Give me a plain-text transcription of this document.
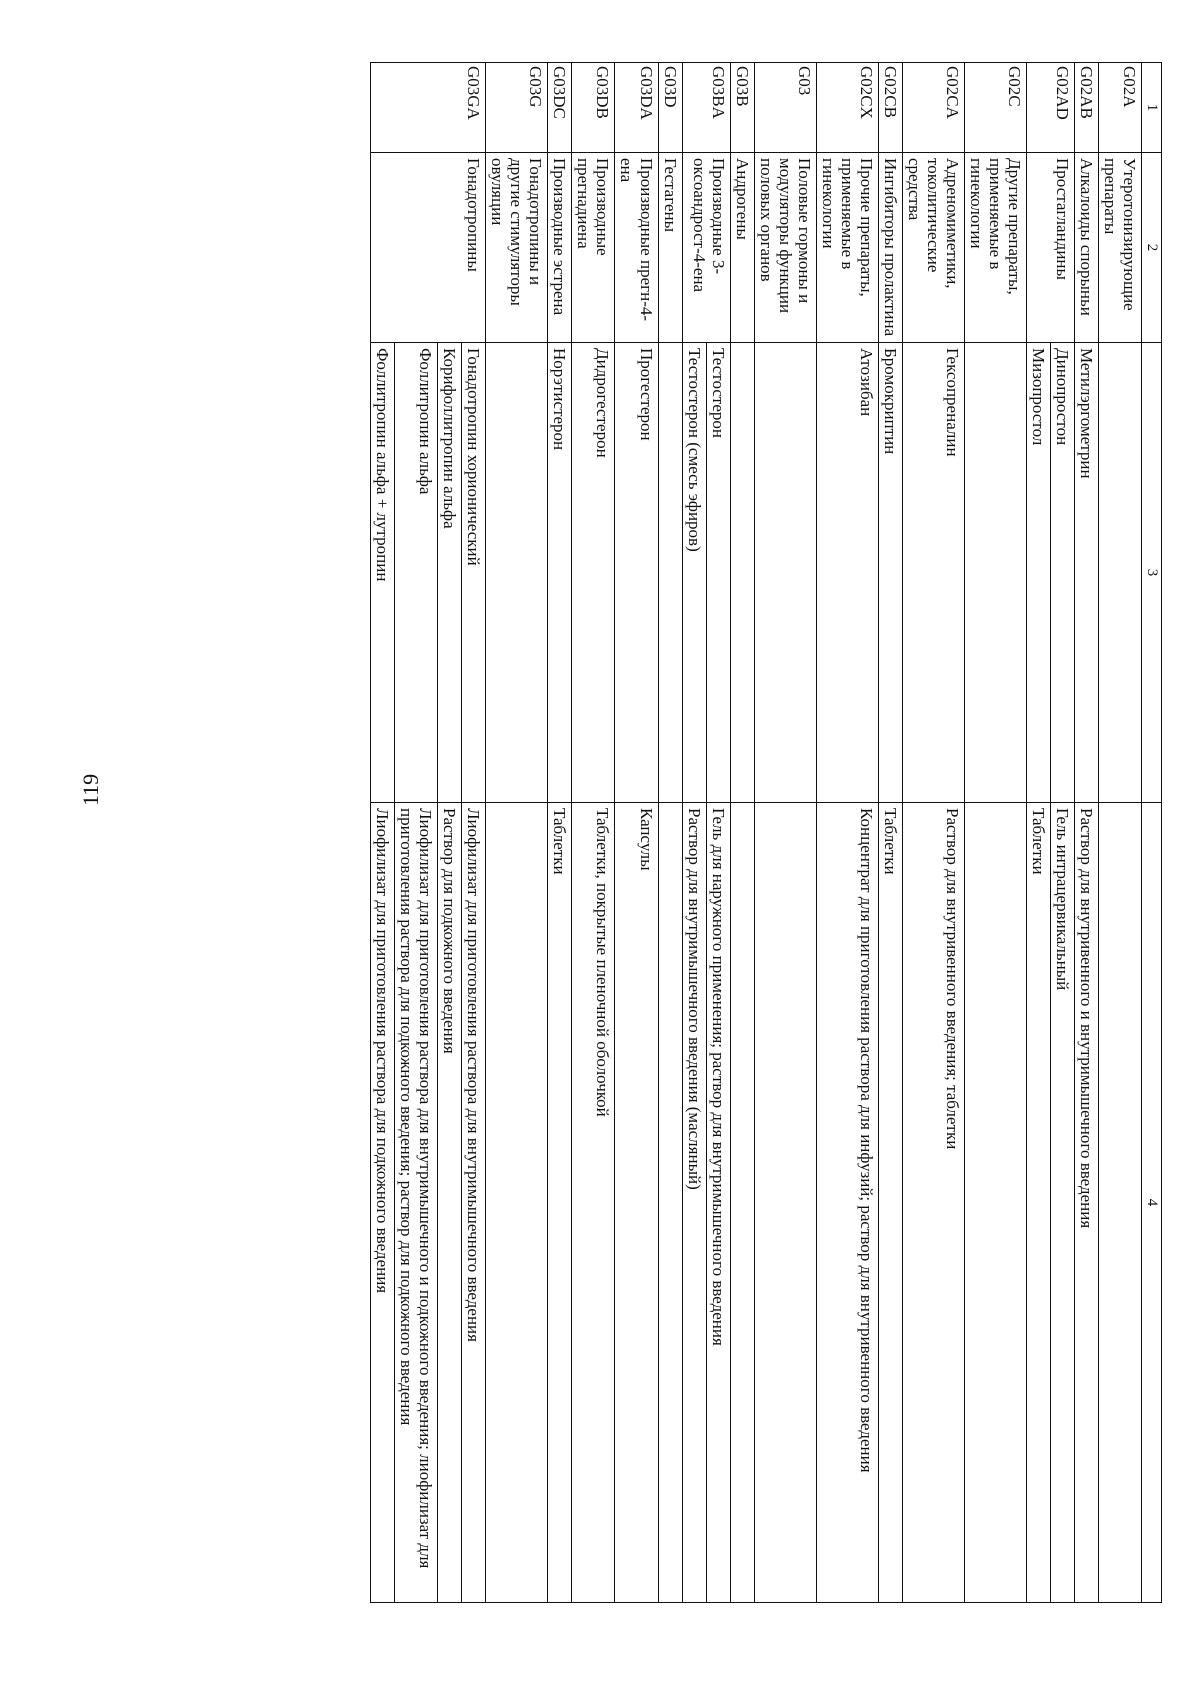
119
1	2	3	4
G02A	Утеротонизирующие препараты		
G02AB	Алкалоиды спорыньи	Метилэргометрин	Раствор для внутривенного и внутримышечного введения
G02AD	Простагландины	Динопростон	Гель интрацервикальный
		Мизопростол	Таблетки
G02C	Другие препараты, применяемые в гинекологии		
G02CA	Адреномиметики, токолитические средства	Гексопреналин	Раствор для внутривенного введения; таблетки
G02CB	Ингибиторы пролактина	Бромокриптин	Таблетки
G02CX	Прочие препараты, применяемые в гинекологии	Атозибан	Концентрат для приготовления раствора для инфузий; раствор для внутривенного введения
G03	Половые гормоны и модуляторы функции половых органов		
G03B	Андрогены		
G03BA	Производные 3-оксоандрост-4-ена	Тестостерон	Гель для наружного применения; раствор для внутримышечного введения
		Тестостерон (смесь эфиров)	Раствор для внутримышечного введения (масляный)
G03D	Гестагены		
G03DA	Производные прегн-4-ена	Прогестерон	Капсулы
G03DB	Производные прегнадиена	Дидрогестерон	Таблетки, покрытые пленочной оболочкой
G03DC	Производные эстрена	Норэтистерон	Таблетки
G03G	Гонадотропины и другие стимуляторы овуляции		
G03GA	Гонадотропины	Гонадотропин хорионический	Лиофилизат для приготовления раствора для внутримышечного введения
		Корифоллитропин альфа	Раствор для подкожного введения
		Фоллитропин альфа	Лиофилизат для приготовления раствора для внутримышечного и подкожного введения; лиофилизат для приготовления раствора для подкожного введения; раствор для подкожного введения
		Фоллитропин альфа + лутропин	Лиофилизат для приготовления раствора для подкожного введения
